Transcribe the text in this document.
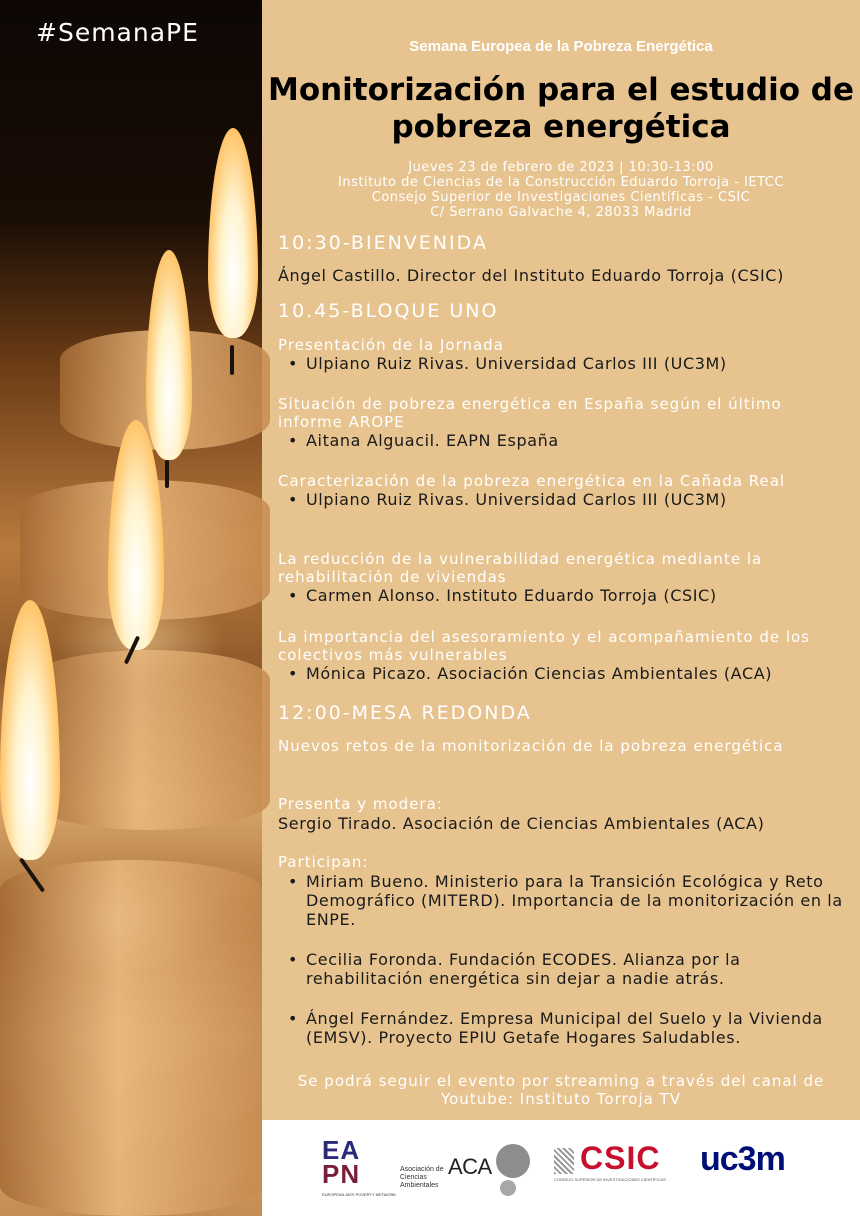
#SemanaPE	Semana Europea de la Pobreza Energética
Monitorización para el estudio de
pobreza energética
Jueves 23 de febrero de 2023 | 10:30-13:00
Instituto de Ciencias de la Construcción Eduardo Torroja - IETCC
Consejo Superior de Investigaciones Científicas - CSIC
C/ Serrano Galvache 4, 28033 Madrid
10:30-BIENVENIDA
Ángel Castillo. Director del Instituto Eduardo Torroja (CSIC)
10.45-BLOQUE UNO
Presentación de la Jornada
• Ulpiano Ruiz Rivas. Universidad Carlos III (UC3M)
Situación de pobreza energética en España según el último informe AROPE
• Aitana Alguacil. EAPN España
Caracterización de la pobreza energética en la Cañada Real
• Ulpiano Ruiz Rivas. Universidad Carlos III (UC3M)
La reducción de la vulnerabilidad energética mediante la rehabilitación de viviendas
• Carmen Alonso. Instituto Eduardo Torroja (CSIC)
La importancia del asesoramiento y el acompañamiento de los colectivos más vulnerables
• Mónica Picazo. Asociación Ciencias Ambientales (ACA)
12:00-MESA REDONDA
Nuevos retos de la monitorización de la pobreza energética
Presenta y modera:
Sergio Tirado. Asociación de Ciencias Ambientales (ACA)
Participan:
• Miriam Bueno. Ministerio para la Transición Ecológica y Reto Demográfico (MITERD). Importancia de la monitorización en la ENPE.
• Cecilia Foronda. Fundación ECODES. Alianza por la rehabilitación energética sin dejar a nadie atrás.
• Ángel Fernández. Empresa Municipal del Suelo y la Vivienda (EMSV). Proyecto EPIU Getafe Hogares Saludables.
Se podrá seguir el evento por streaming a través del canal de Youtube: Instituto Torroja TV
EA
PN
EUROPEAN ANTI POVERTY NETWORK
ACA
Asociación de Ciencias Ambientales
CSIC
CONSEJO SUPERIOR DE INVESTIGACIONES CIENTÍFICAS
uc3m
